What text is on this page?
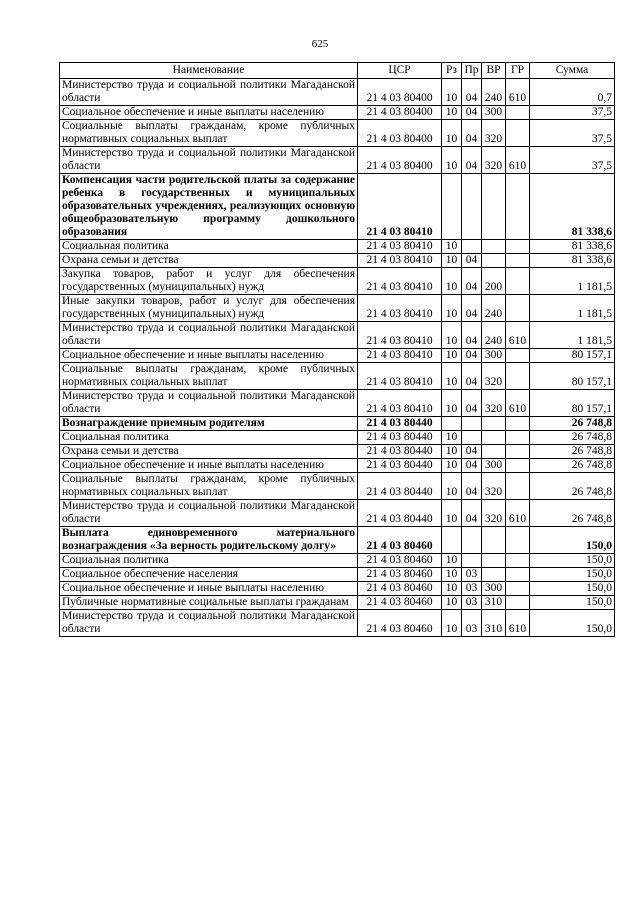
625
Наименование	ЦСР	Рз	Пр	ВР	ГР	Сумма
Министерство труда и социальной политики Магаданской области	21 4 03 80400	10	04	240	610	0,7
Социальное обеспечение и иные выплаты населению	21 4 03 80400	10	04	300		37,5
Социальные выплаты гражданам, кроме публичных нормативных социальных выплат	21 4 03 80400	10	04	320		37,5
Министерство труда и социальной политики Магаданской области	21 4 03 80400	10	04	320	610	37,5
Компенсация части родительской платы за содержание ребенка в государственных и муниципальных образовательных учреждениях, реализующих основную общеобразовательную программу дошкольного образования	21 4 03 80410					81 338,6
Социальная политика	21 4 03 80410	10				81 338,6
Охрана семьи и детства	21 4 03 80410	10	04			81 338,6
Закупка товаров, работ и услуг для обеспечения государственных (муниципальных) нужд	21 4 03 80410	10	04	200		1 181,5
Иные закупки товаров, работ и услуг для обеспечения государственных (муниципальных) нужд	21 4 03 80410	10	04	240		1 181,5
Министерство труда и социальной политики Магаданской области	21 4 03 80410	10	04	240	610	1 181,5
Социальное обеспечение и иные выплаты населению	21 4 03 80410	10	04	300		80 157,1
Социальные выплаты гражданам, кроме публичных нормативных социальных выплат	21 4 03 80410	10	04	320		80 157,1
Министерство труда и социальной политики Магаданской области	21 4 03 80410	10	04	320	610	80 157,1
Вознаграждение приемным родителям	21 4 03 80440					26 748,8
Социальная политика	21 4 03 80440	10				26 748,8
Охрана семьи и детства	21 4 03 80440	10	04			26 748,8
Социальное обеспечение и иные выплаты населению	21 4 03 80440	10	04	300		26 748,8
Социальные выплаты гражданам, кроме публичных нормативных социальных выплат	21 4 03 80440	10	04	320		26 748,8
Министерство труда и социальной политики Магаданской области	21 4 03 80440	10	04	320	610	26 748,8
Выплата единовременного материального вознаграждения «За верность родительскому долгу»	21 4 03 80460					150,0
Социальная политика	21 4 03 80460	10				150,0
Социальное обеспечение населения	21 4 03 80460	10	03			150,0
Социальное обеспечение и иные выплаты населению	21 4 03 80460	10	03	300		150,0
Публичные нормативные социальные выплаты гражданам	21 4 03 80460	10	03	310		150,0
Министерство труда и социальной политики Магаданской области	21 4 03 80460	10	03	310	610	150,0
